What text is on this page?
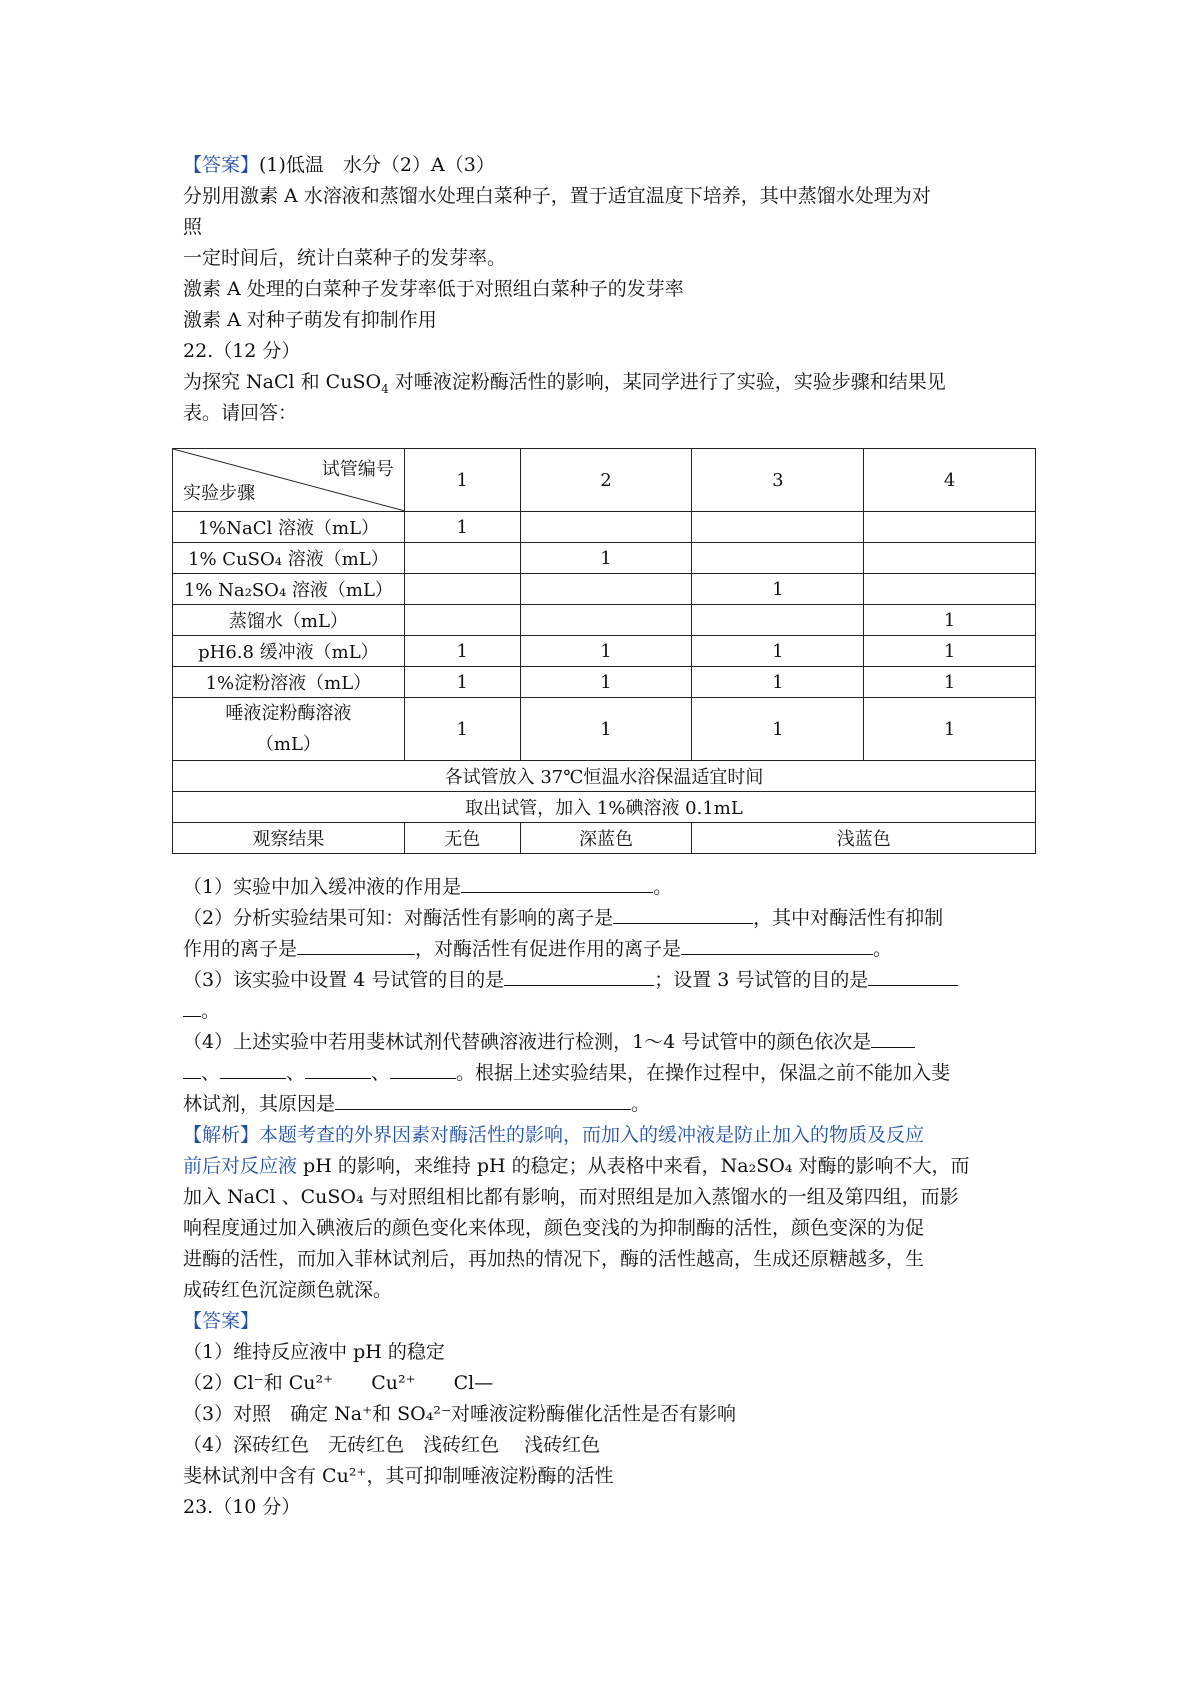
【答案】(1)低温　水分（2）A（3）
分别用激素 A 水溶液和蒸馏水处理白菜种子，置于适宜温度下培养，其中蒸馏水处理为对
照
一定时间后，统计白菜种子的发芽率。
激素 A 处理的白菜种子发芽率低于对照组白菜种子的发芽率
激素 A 对种子萌发有抑制作用
22.（12 分）
为探究 NaCl 和 CuSO$_4$ 对唾液淀粉酶活性的影响，某同学进行了实验，实验步骤和结果见
表。请回答：
试管编号
实验步骤	1	2	3	4
1%NaCl 溶液（mL）	1			
1% CuSO₄ 溶液（mL）		1		
1% Na₂SO₄ 溶液（mL）			1	
蒸馏水（mL）				1
pH6.8 缓冲液（mL）	1	1	1	1
1%淀粉溶液（mL）	1	1	1	1

唾液淀粉酶溶液
（mL）	1	1	1	1
各试管放入 37℃恒温水浴保温适宜时间				
取出试管，加入 1%碘溶液 0.1mL				
观察结果	无色	深蓝色	浅蓝色	
（1）实验中加入缓冲液的作用是	。
（2）分析实验结果可知：对酶活性有影响的离子是	，其中对酶活性有抑制
作用的离子是	，对酶活性有促进作用的离子是	。
（3）该实验中设置 4 号试管的目的是	；设置 3 号试管的目的是
。
（4）上述实验中若用斐林试剂代替碘溶液进行检测，1～4 号试管中的颜色依次是
、	、	、	。根据上述实验结果，在操作过程中，保温之前不能加入斐
林试剂，其原因是	。
【解析】本题考查的外界因素对酶活性的影响，而加入的缓冲液是防止加入的物质及反应
前后对反应液 pH 的影响，来维持 pH 的稳定；从表格中来看，Na₂SO₄ 对酶的影响不大，而
加入 NaCl 、CuSO₄ 与对照组相比都有影响，而对照组是加入蒸馏水的一组及第四组，而影
响程度通过加入碘液后的颜色变化来体现，颜色变浅的为抑制酶的活性，颜色变深的为促
进酶的活性，而加入菲林试剂后，再加热的情况下，酶的活性越高，生成还原糖越多，生
成砖红色沉淀颜色就深。
【答案】
（1）维持反应液中 pH 的稳定
（2）Cl⁻和 Cu²⁺　　Cu²⁺　　Cl—
（3）对照　确定 Na⁺和 SO₄²⁻对唾液淀粉酶催化活性是否有影响
（4）深砖红色　无砖红色　浅砖红色　 浅砖红色
斐林试剂中含有 Cu²⁺，其可抑制唾液淀粉酶的活性
23.（10 分）
